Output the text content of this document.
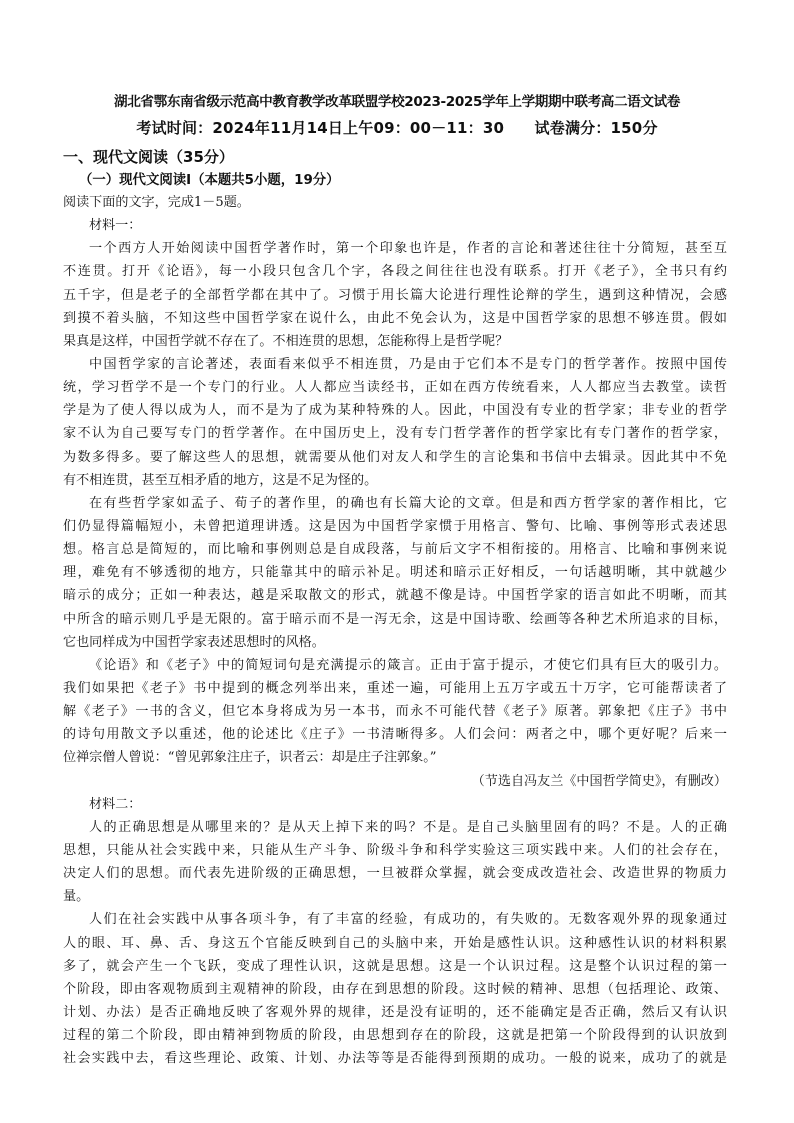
湖北省鄂东南省级示范高中教育教学改革联盟学校2023-2025学年上学期期中联考高二语文试卷
考试时间：2024年11月14日上午09：00－11：30　　试卷满分：150分
一、现代文阅读（35分）
（一）现代文阅读Ⅰ（本题共5小题，19分）
阅读下面的文字，完成1－5题。
材料一：
一个西方人开始阅读中国哲学著作时，第一个印象也许是，作者的言论和著述往往十分简短，甚至互
不连贯。打开《论语》，每一小段只包含几个字，各段之间往往也没有联系。打开《老子》，全书只有约
五千字，但是老子的全部哲学都在其中了。习惯于用长篇大论进行理性论辩的学生，遇到这种情况，会感
到摸不着头脑，不知这些中国哲学家在说什么，由此不免会认为，这是中国哲学家的思想不够连贯。假如
果真是这样，中国哲学就不存在了。不相连贯的思想，怎能称得上是哲学呢？
中国哲学家的言论著述，表面看来似乎不相连贯，乃是由于它们本不是专门的哲学著作。按照中国传
统，学习哲学不是一个专门的行业。人人都应当读经书，正如在西方传统看来，人人都应当去教堂。读哲
学是为了使人得以成为人，而不是为了成为某种特殊的人。因此，中国没有专业的哲学家；非专业的哲学
家不认为自己要写专门的哲学著作。在中国历史上，没有专门哲学著作的哲学家比有专门著作的哲学家，
为数多得多。要了解这些人的思想，就需要从他们对友人和学生的言论集和书信中去辑录。因此其中不免
有不相连贯，甚至互相矛盾的地方，这是不足为怪的。
在有些哲学家如孟子、荀子的著作里，的确也有长篇大论的文章。但是和西方哲学家的著作相比，它
们仍显得篇幅短小，未曾把道理讲透。这是因为中国哲学家惯于用格言、警句、比喻、事例等形式表述思
想。格言总是简短的，而比喻和事例则总是自成段落，与前后文字不相衔接的。用格言、比喻和事例来说
理，难免有不够透彻的地方，只能靠其中的暗示补足。明述和暗示正好相反，一句话越明晰，其中就越少
暗示的成分；正如一种表达，越是采取散文的形式，就越不像是诗。中国哲学家的语言如此不明晰，而其
中所含的暗示则几乎是无限的。富于暗示而不是一泻无余，这是中国诗歌、绘画等各种艺术所追求的目标，
它也同样成为中国哲学家表述思想时的风格。
《论语》和《老子》中的简短词句是充满提示的箴言。正由于富于提示，才使它们具有巨大的吸引力。
我们如果把《老子》书中提到的概念列举出来，重述一遍，可能用上五万字或五十万字，它可能帮读者了
解《老子》一书的含义，但它本身将成为另一本书，而永不可能代替《老子》原著。郭象把《庄子》书中
的诗句用散文予以重述，他的论述比《庄子》一书清晰得多。人们会问：两者之中，哪个更好呢？后来一
位禅宗僧人曾说：“曾见郭象注庄子，识者云：却是庄子注郭象。”
（节选自冯友兰《中国哲学简史》，有删改）
材料二：
人的正确思想是从哪里来的？是从天上掉下来的吗？不是。是自己头脑里固有的吗？不是。人的正确
思想，只能从社会实践中来，只能从生产斗争、阶级斗争和科学实验这三项实践中来。人们的社会存在，
决定人们的思想。而代表先进阶级的正确思想，一旦被群众掌握，就会变成改造社会、改造世界的物质力
量。
人们在社会实践中从事各项斗争，有了丰富的经验，有成功的，有失败的。无数客观外界的现象通过
人的眼、耳、鼻、舌、身这五个官能反映到自己的头脑中来，开始是感性认识。这种感性认识的材料积累
多了，就会产生一个飞跃，变成了理性认识，这就是思想。这是一个认识过程。这是整个认识过程的第一
个阶段，即由客观物质到主观精神的阶段，由存在到思想的阶段。这时候的精神、思想（包括理论、政策、
计划、办法）是否正确地反映了客观外界的规律，还是没有证明的，还不能确定是否正确，然后又有认识
过程的第二个阶段，即由精神到物质的阶段，由思想到存在的阶段，这就是把第一个阶段得到的认识放到
社会实践中去，看这些理论、政策、计划、办法等等是否能得到预期的成功。一般的说来，成功了的就是
